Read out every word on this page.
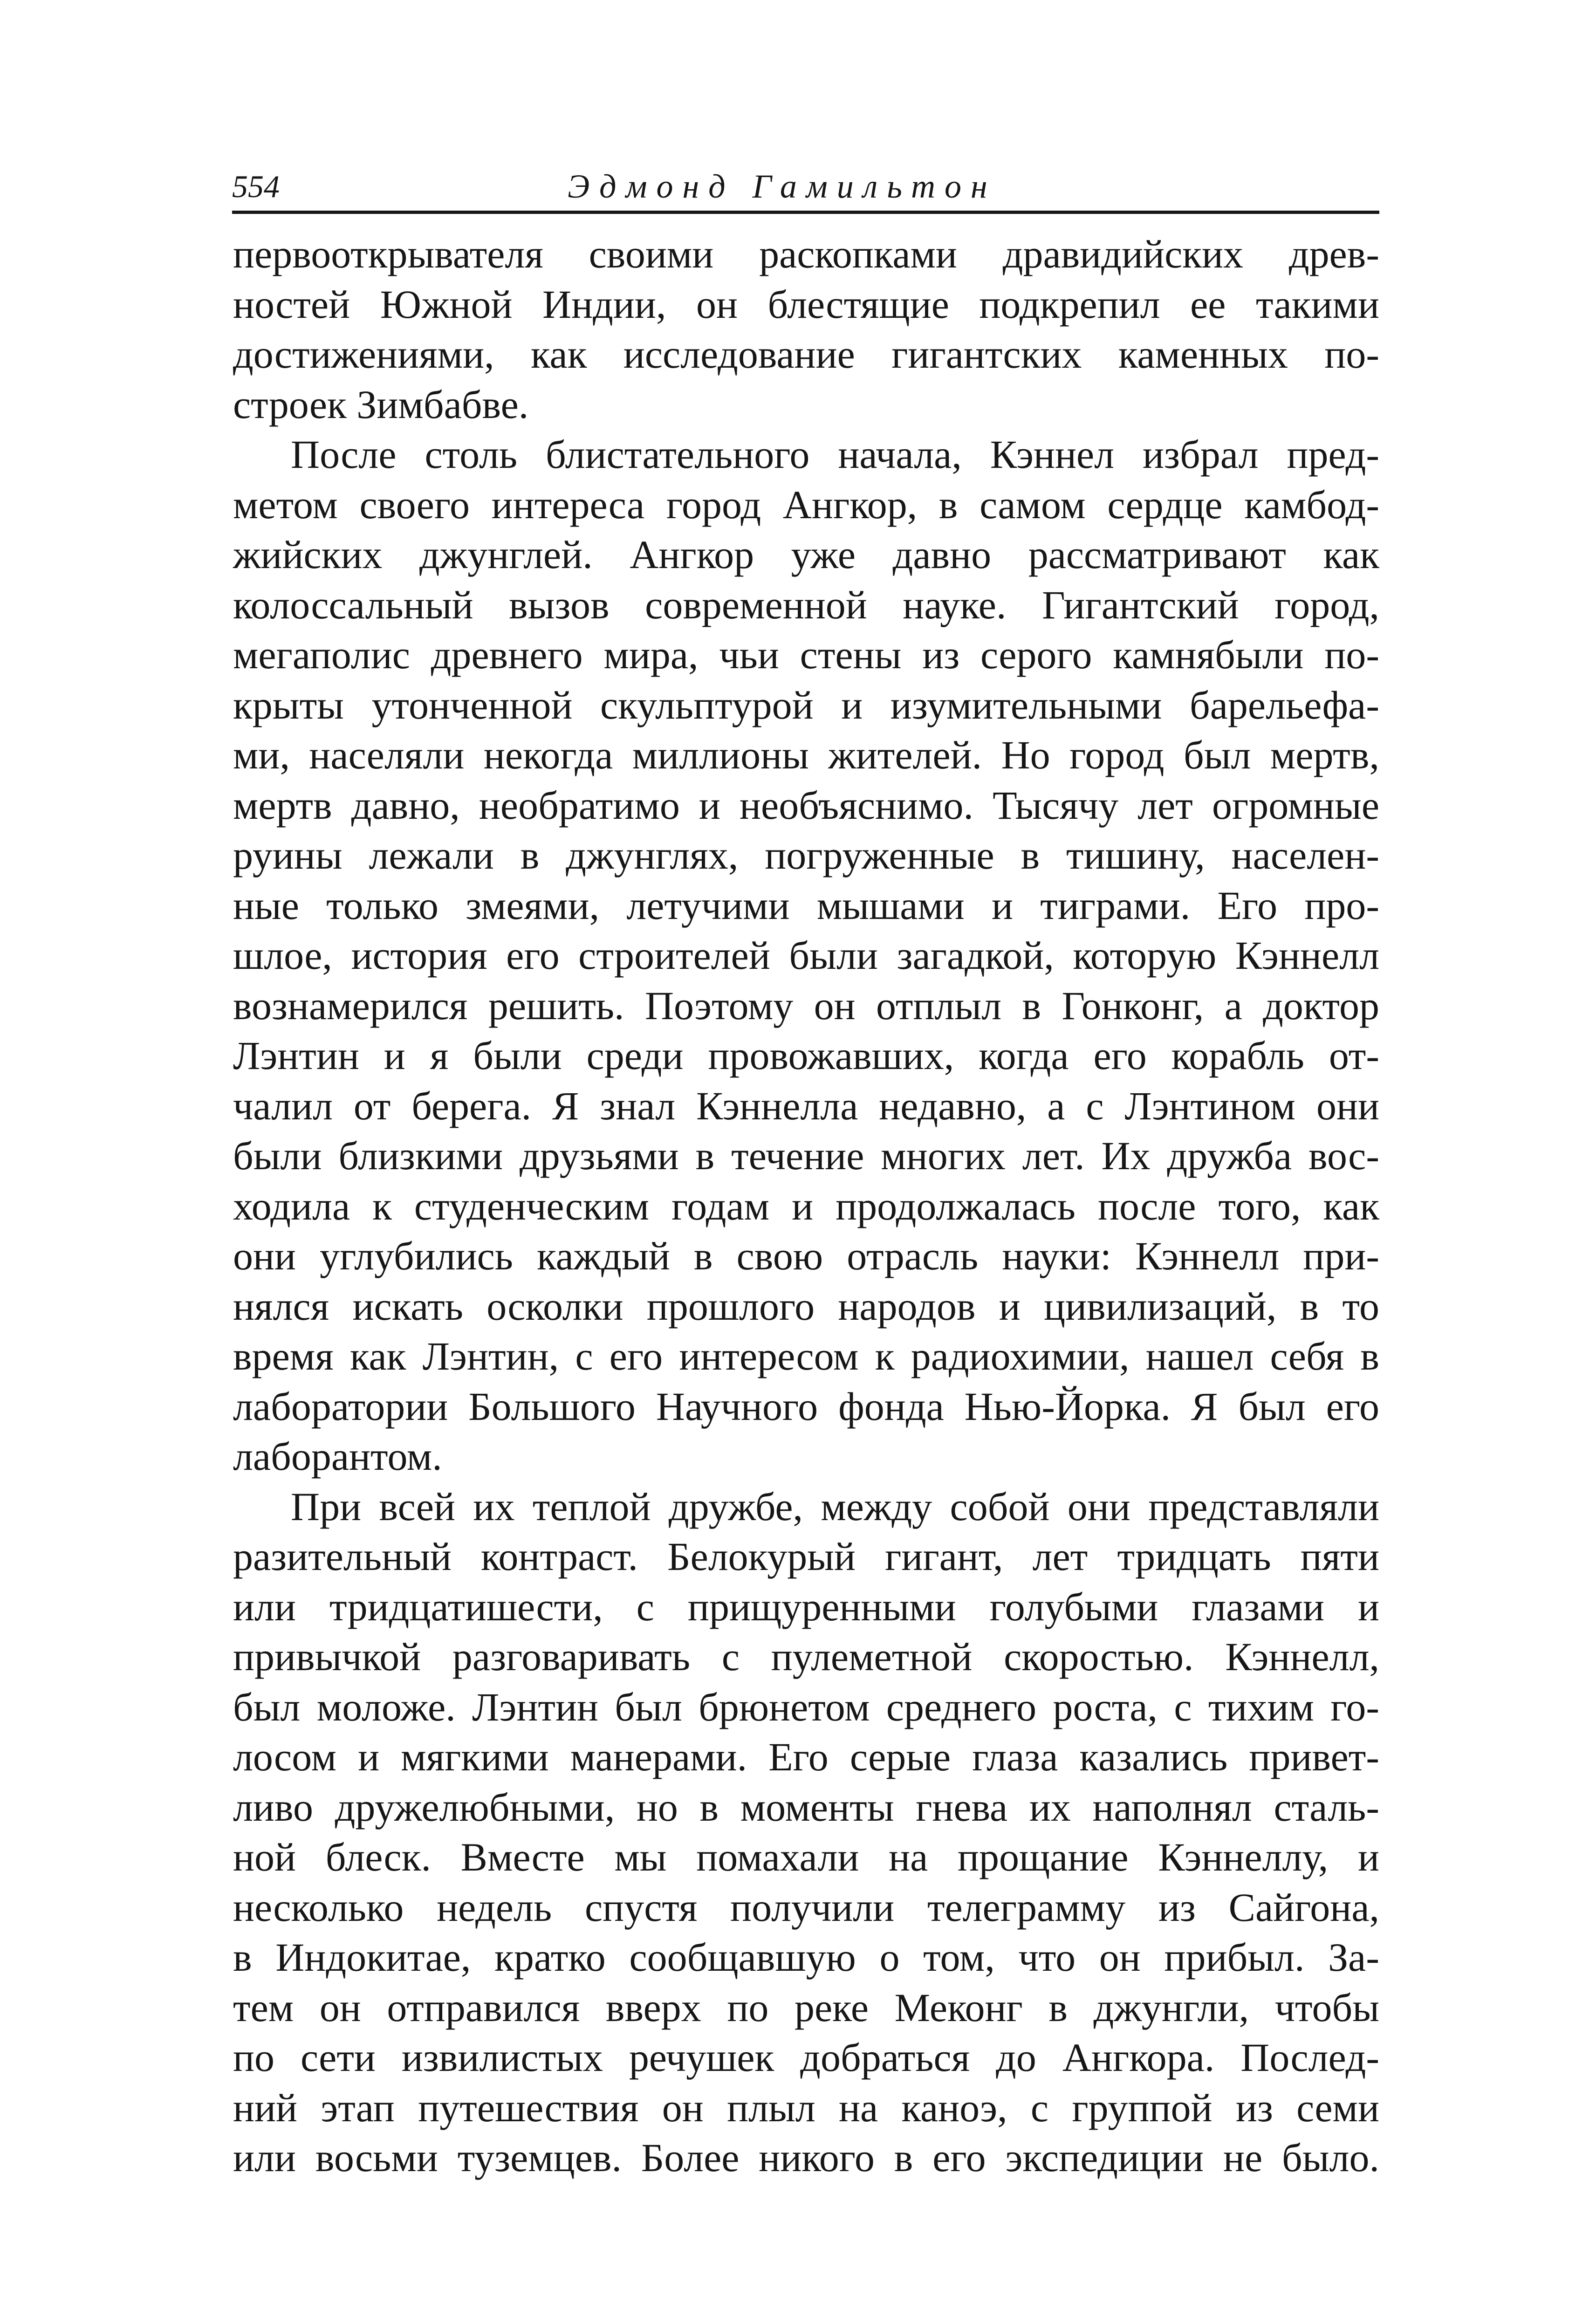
554	Эдмонд Гамильтон
первооткрывателя своими раскопками дравидийских древ-
ностей Южной Индии, он блестящие подкрепил ее такими
достижениями, как исследование гигантских каменных по-
строек Зимбабве.
После столь блистательного начала, Кэннел избрал пред-
метом своего интереса город Ангкор, в самом сердце камбод-
жийских джунглей. Ангкор уже давно рассматривают как
колоссальный вызов современной науке. Гигантский город,
мегаполис древнего мира, чьи стены из серого камнябыли по-
крыты утонченной скульптурой и изумительными барельефа-
ми, населяли некогда миллионы жителей. Но город был мертв,
мертв давно, необратимо и необъяснимо. Тысячу лет огромные
руины лежали в джунглях, погруженные в тишину, населен-
ные только змеями, летучими мышами и тиграми. Его про-
шлое, история его строителей были загадкой, которую Кэннелл
вознамерился решить. Поэтому он отплыл в Гонконг, а доктор
Лэнтин и я были среди провожавших, когда его корабль от-
чалил от берега. Я знал Кэннелла недавно, а с Лэнтином они
были близкими друзьями в течение многих лет. Их дружба вос-
ходила к студенческим годам и продолжалась после того, как
они углубились каждый в свою отрасль науки: Кэннелл при-
нялся искать осколки прошлого народов и цивилизаций, в то
время как Лэнтин, с его интересом к радиохимии, нашел себя в
лаборатории Большого Научного фонда Нью-Йорка. Я был его
лаборантом.
При всей их теплой дружбе, между собой они представляли
разительный контраст. Белокурый гигант, лет тридцать пяти
или тридцатишести, с прищуренными голубыми глазами и
привычкой разговаривать с пулеметной скоростью. Кэннелл,
был моложе. Лэнтин был брюнетом среднего роста, с тихим го-
лосом и мягкими манерами. Его серые глаза казались привет-
ливо дружелюбными, но в моменты гнева их наполнял сталь-
ной блеск. Вместе мы помахали на прощание Кэннеллу, и
несколько недель спустя получили телеграмму из Сайгона,
в Индокитае, кратко сообщавшую о том, что он прибыл. За-
тем он отправился вверх по реке Меконг в джунгли, чтобы
по сети извилистых речушек добраться до Ангкора. Послед-
ний этап путешествия он плыл на каноэ, с группой из семи
или восьми туземцев. Более никого в его экспедиции не было.
